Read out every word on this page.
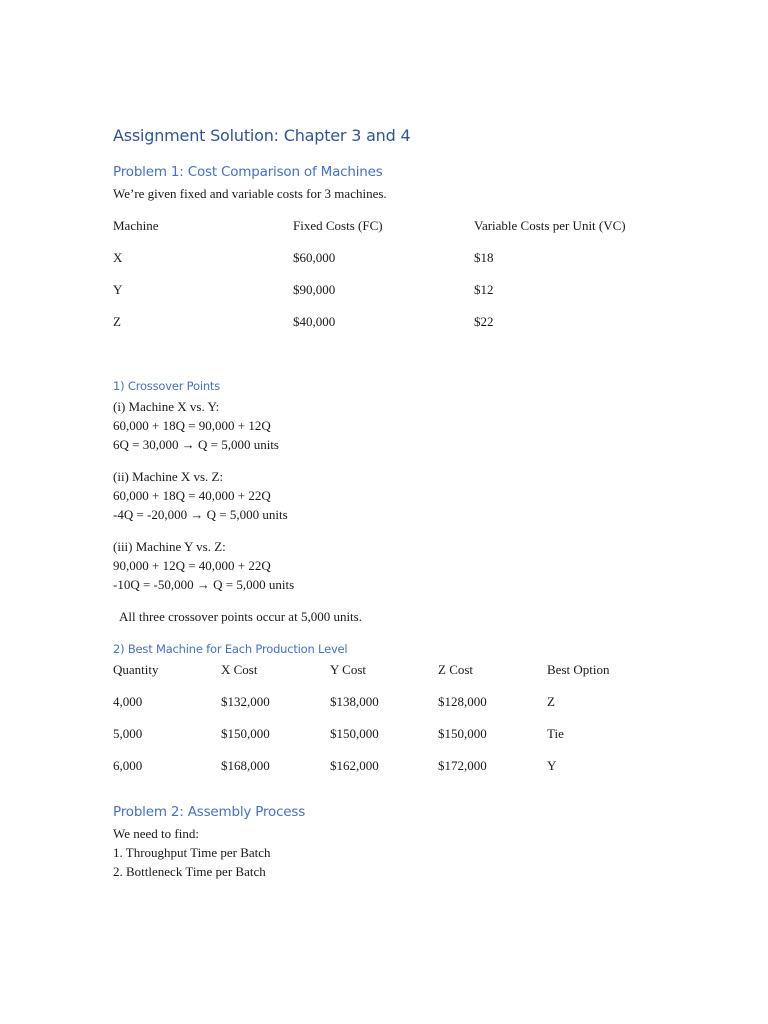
Assignment Solution: Chapter 3 and 4
Problem 1: Cost Comparison of Machines
We’re given fixed and variable costs for 3 machines.
Machine	Fixed Costs (FC)	Variable Costs per Unit (VC)
X	$60,000	$18
Y	$90,000	$12
Z	$40,000	$22
1) Crossover Points
(i) Machine X vs. Y:
60,000 + 18Q = 90,000 + 12Q
6Q = 30,000 → Q = 5,000 units
(ii) Machine X vs. Z:
60,000 + 18Q = 40,000 + 22Q
-4Q = -20,000 → Q = 5,000 units
(iii) Machine Y vs. Z:
90,000 + 12Q = 40,000 + 22Q
-10Q = -50,000 → Q = 5,000 units
All three crossover points occur at 5,000 units.
2) Best Machine for Each Production Level
Quantity	X Cost	Y Cost	Z Cost	Best Option
4,000	$132,000	$138,000	$128,000	Z
5,000	$150,000	$150,000	$150,000	Tie
6,000	$168,000	$162,000	$172,000	Y
Problem 2: Assembly Process
We need to find:
1. Throughput Time per Batch
2. Bottleneck Time per Batch
